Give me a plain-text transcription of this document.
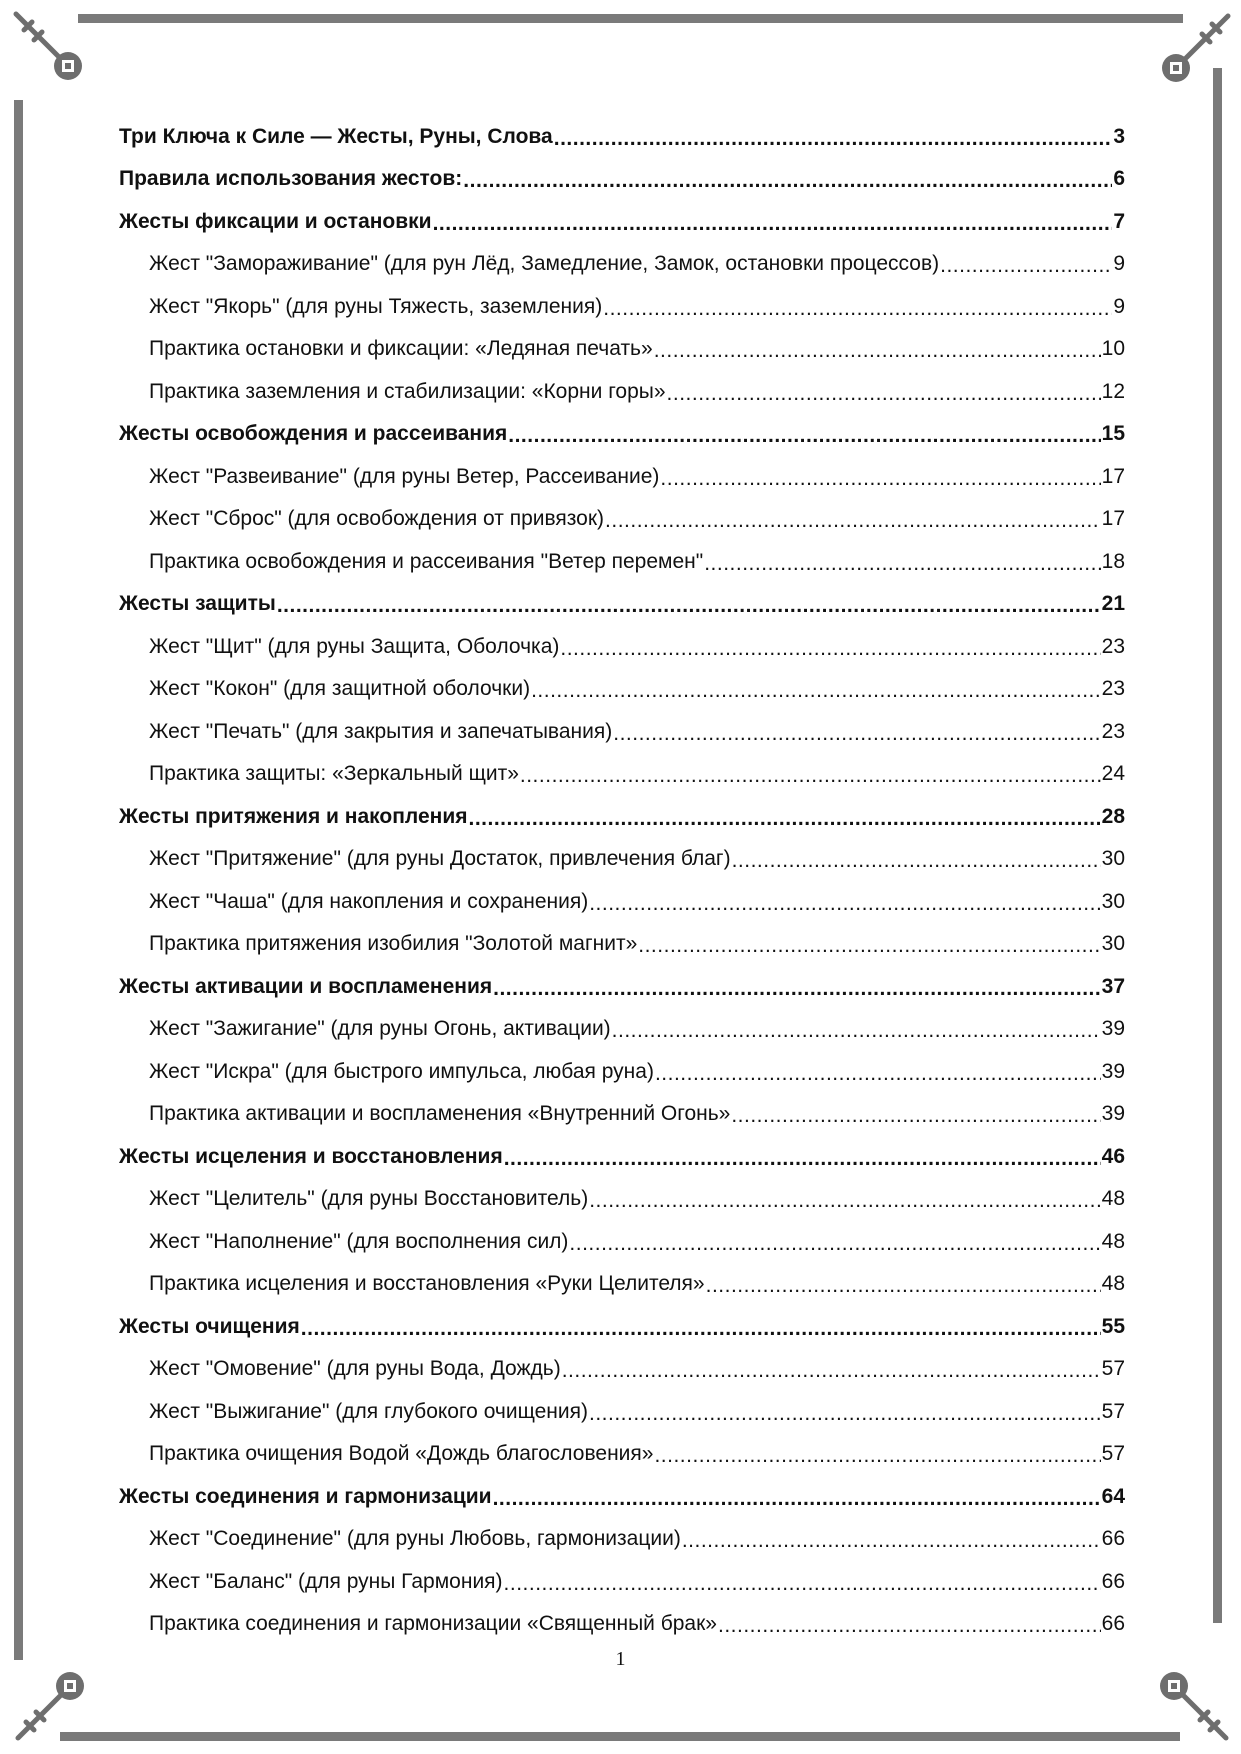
Три Ключа к Силе — Жесты, Руны, Слова .....	3
Правила использования жестов: .....	6
Жесты фиксации и остановки .....	7
Жест "Замораживание" (для рун Лёд, Замедление, Замок, остановки процессов) .....	9
Жест "Якорь" (для руны Тяжесть, заземления) .....	9
Практика остановки и фиксации: «Ледяная печать» .....	10
Практика заземления и стабилизации: «Корни горы» .....	12
Жесты освобождения и рассеивания .....	15
Жест "Развеивание" (для руны Ветер, Рассеивание) .....	17
Жест "Сброс" (для освобождения от привязок) .....	17
Практика освобождения и рассеивания "Ветер перемен" .....	18
Жесты защиты .....	21
Жест "Щит" (для руны Защита, Оболочка) .....	23
Жест "Кокон" (для защитной оболочки) .....	23
Жест "Печать" (для закрытия и запечатывания) .....	23
Практика защиты: «Зеркальный щит» .....	24
Жесты притяжения и накопления .....	28
Жест "Притяжение" (для руны Достаток, привлечения благ) .....	30
Жест "Чаша" (для накопления и сохранения) .....	30
Практика притяжения изобилия "Золотой магнит» .....	30
Жесты активации и воспламенения .....	37
Жест "Зажигание" (для руны Огонь, активации) .....	39
Жест "Искра" (для быстрого импульса, любая руна) .....	39
Практика активации и воспламенения «Внутренний Огонь» .....	39
Жесты исцеления и восстановления .....	46
Жест "Целитель" (для руны Восстановитель) .....	48
Жест "Наполнение" (для восполнения сил) .....	48
Практика исцеления и восстановления «Руки Целителя» .....	48
Жесты очищения .....	55
Жест "Омовение" (для руны Вода, Дождь) .....	57
Жест "Выжигание" (для глубокого очищения) .....	57
Практика очищения Водой «Дождь благословения» .....	57
Жесты соединения и гармонизации .....	64
Жест "Соединение" (для руны Любовь, гармонизации) .....	66
Жест "Баланс" (для руны Гармония) .....	66
Практика соединения и гармонизации «Священный брак» .....	66
1
